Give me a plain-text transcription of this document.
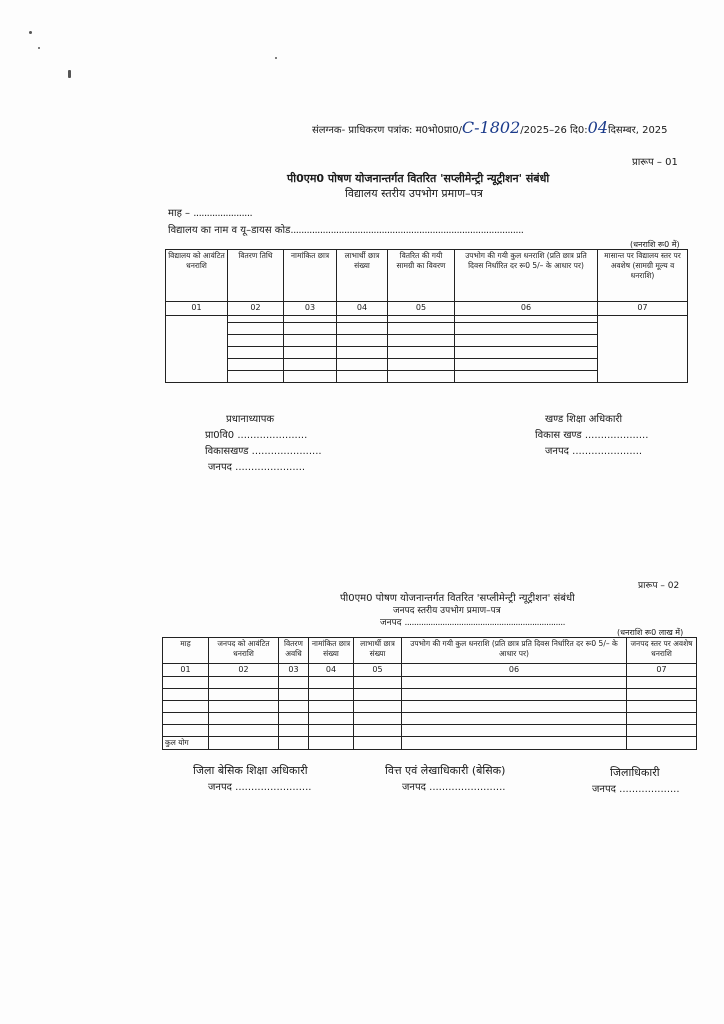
संलग्नक- प्राधिकरण पत्रांक: म0भो0प्रा0/C-1802/2025–26 दि0:04दिसम्बर, 2025
प्रारूप – 01
पी0एम0 पोषण योजनान्तर्गत वितरित 'सप्लीमेन्ट्री न्यूट्रीशन' संबंधी
विद्यालय स्तरीय उपभोग प्रमाण–पत्र
माह – ......................
विद्यालय का नाम व यू–डायस कोड.......................................................................................
(धनराशि रू0 में)
विद्यालय को आवंटित धनराशि	वितरण तिथि	नामांकित छात्र	लाभार्थी छात्र संख्या	वितरित की गयी सामग्री का विवरण	उपभोग की गयी कुल धनराशि (प्रति छात्र प्रति दिवस निर्धारित दर रू0 5/– के आधार पर)	मासान्त पर विद्यालय स्तर पर अवशेष (सामग्री मूल्य व धनराशि)
01	02	03	04	05	06	07

प्रधानाध्यापक
प्रा0वि0 ......................
विकासखण्ड ......................
जनपद ......................
खण्ड शिक्षा अधिकारी
विकास खण्ड ....................
जनपद ......................
प्रारूप – 02
पी0एम0 पोषण योजनान्तर्गत वितरित 'सप्लीमेन्ट्री न्यूट्रीशन' संबंधी
जनपद स्तरीय उपभोग प्रमाण–पत्र
जनपद ....................................................................
(धनराशि रू0 लाख में)
माह	जनपद को आवंटित धनराशि	वितरण अवधि	नामांकित छात्र संख्या	लाभार्थी छात्र संख्या	उपभोग की गयी कुल धनराशि (प्रति छात्र प्रति दिवस निर्धारित दर रू0 5/– के आधार पर)	जनपद स्तर पर अवशेष धनराशि
01	02	03	04	05	06	07

कुल योग						
जिला बेसिक शिक्षा अधिकारी
जनपद ........................
वित्त एवं लेखाधिकारी (बेसिक)
जनपद ........................
जिलाधिकारी
जनपद ...................
